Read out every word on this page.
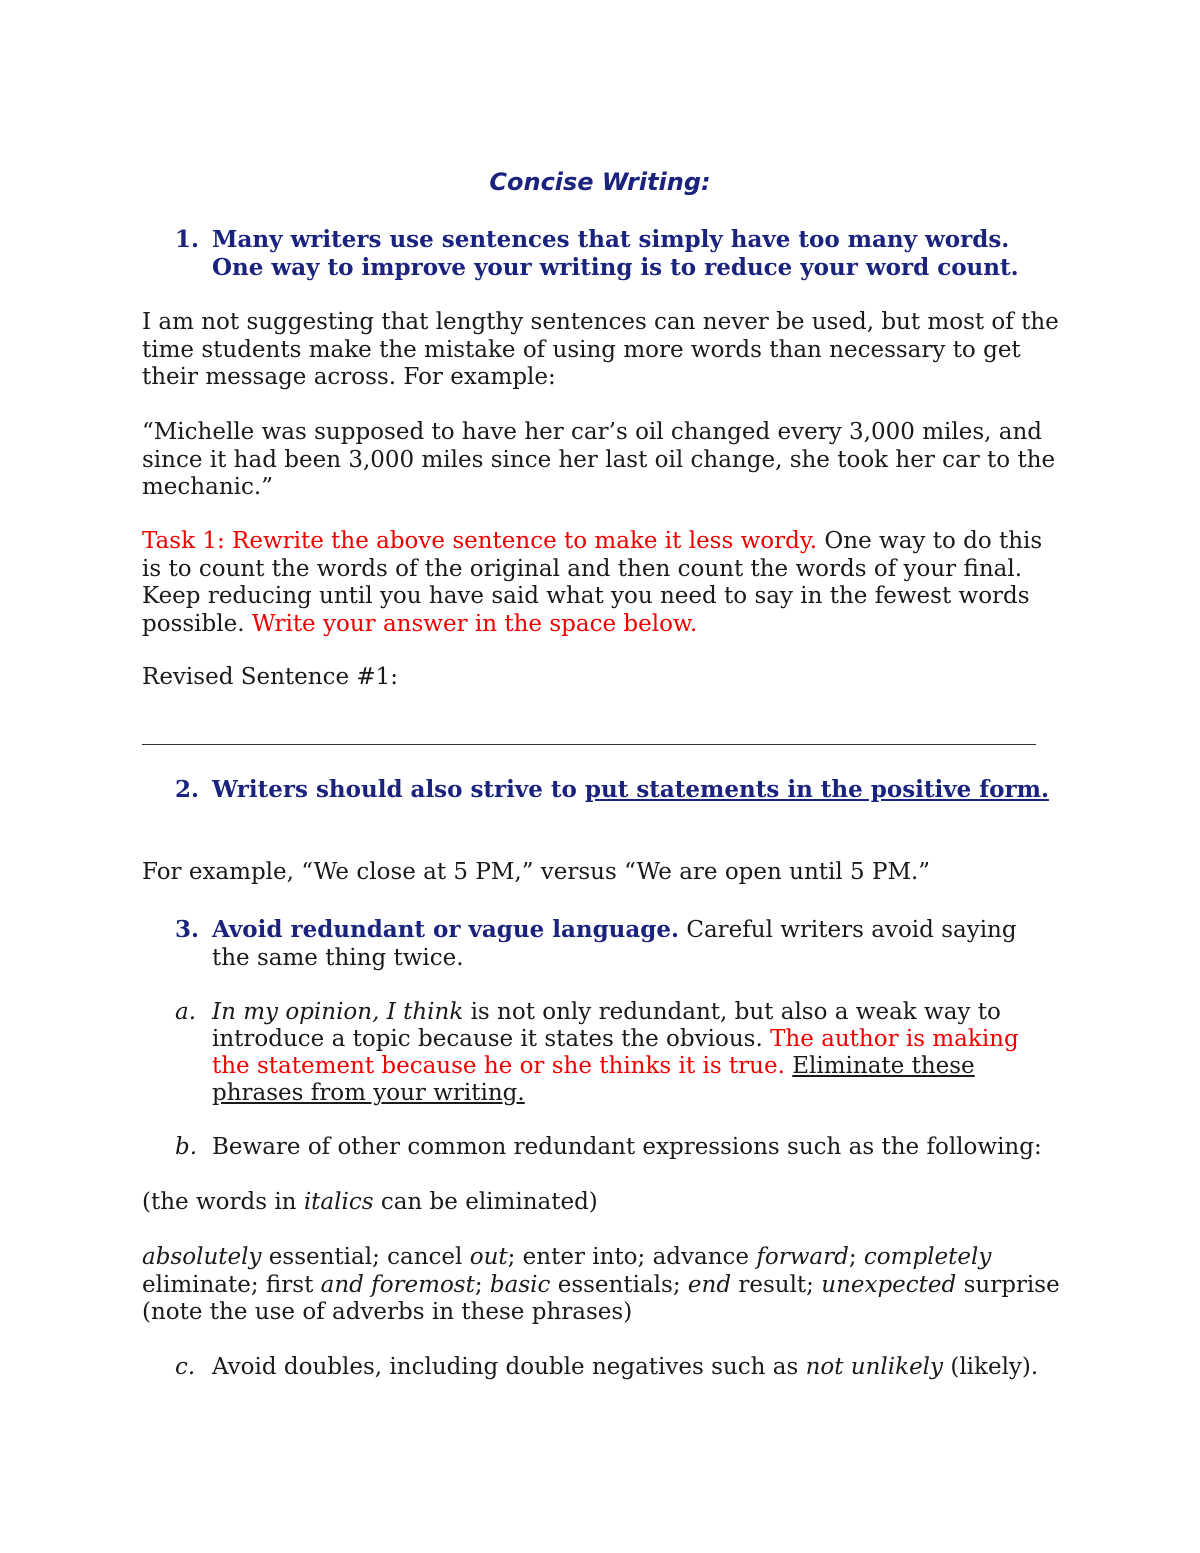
Concise Writing:
1. Many writers use sentences that simply have too many words.
One way to improve your writing is to reduce your word count.

I am not suggesting that lengthy sentences can never be used, but most of the time students make the mistake of using more words than necessary to get their message across. For example:

“Michelle was supposed to have her car’s oil changed every 3,000 miles, and since it had been 3,000 miles since her last oil change, she took her car to the mechanic.”

Task 1: Rewrite the above sentence to make it less wordy. One way to do this is to count the words of the original and then count the words of your final. Keep reducing until you have said what you need to say in the fewest words possible. Write your answer in the space below.

Revised Sentence #1:

2. Writers should also strive to put statements in the positive form.

For example, “We close at 5 PM,” versus “We are open until 5 PM.”

3. Avoid redundant or vague language. Careful writers avoid saying the same thing twice.
a. In my opinion, I think is not only redundant, but also a weak way to introduce a topic because it states the obvious. The author is making the statement because he or she thinks it is true. Eliminate these phrases from your writing.
b. Beware of other common redundant expressions such as the following:

(the words in italics can be eliminated)

absolutely essential; cancel out; enter into; advance forward; completely eliminate; first and foremost; basic essentials; end result; unexpected surprise (note the use of adverbs in these phrases)

c. Avoid doubles, including double negatives such as not unlikely (likely).
